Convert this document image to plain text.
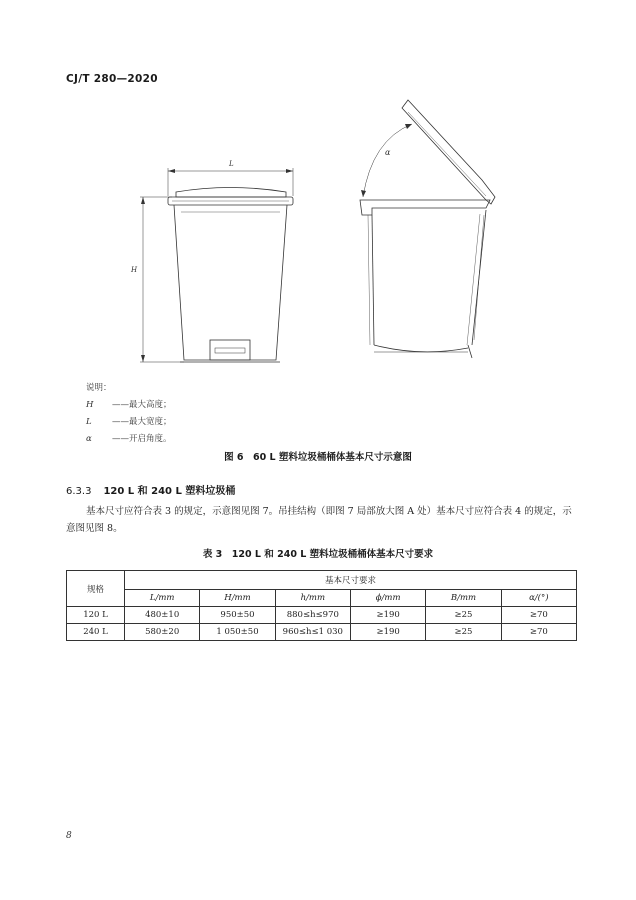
CJ/T 280—2020
L
H
α
说明：
H ——最大高度；
L ——最大宽度；
α ——开启角度。
图 6　60 L 塑料垃圾桶桶体基本尺寸示意图
6.3.3 120 L 和 240 L 塑料垃圾桶
基本尺寸应符合表 3 的规定，示意图见图 7。吊挂结构（即图 7 局部放大图 A 处）基本尺寸应符合表 4 的规定，示意图见图 8。
表 3　120 L 和 240 L 塑料垃圾桶桶体基本尺寸要求
规格	基本尺寸要求					
	L/mm	H/mm	h/mm	ϕ/mm	B/mm	α/(°)
120 L	480±10	950±50	880≤h≤970	≥190	≥25	≥70
240 L	580±20	1 050±50	960≤h≤1 030	≥190	≥25	≥70
8
